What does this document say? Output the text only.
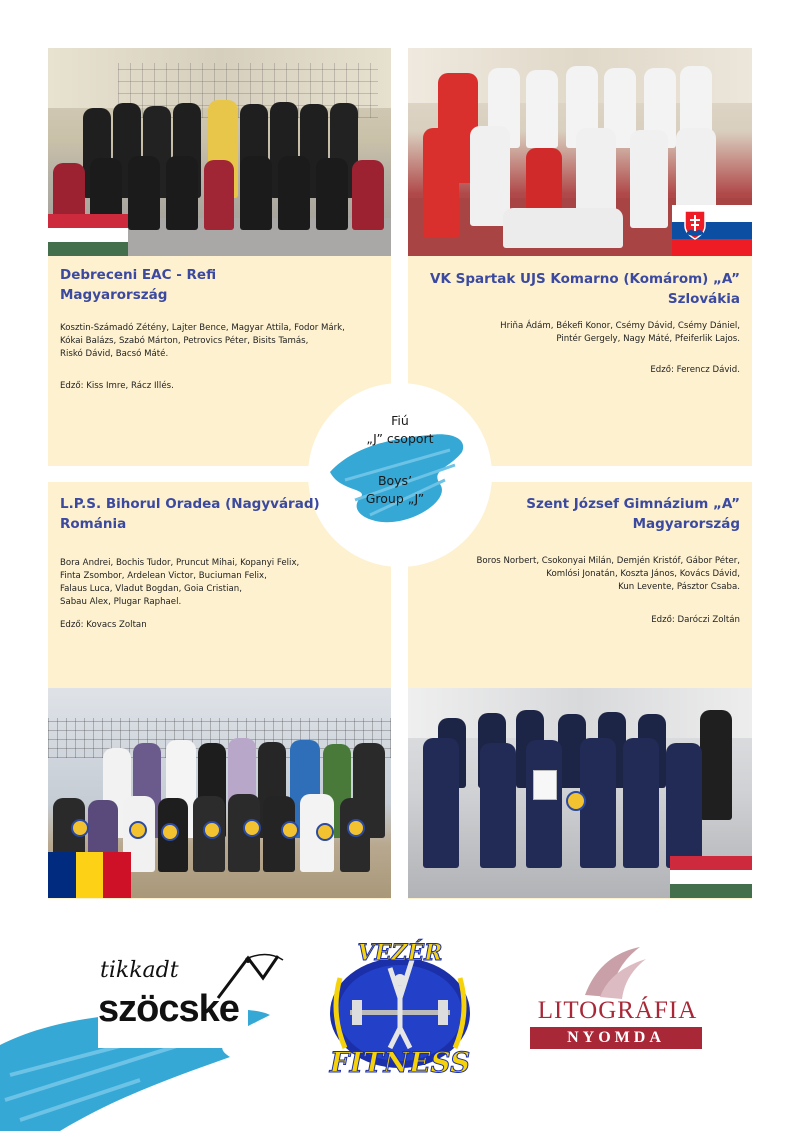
Fiú
„J” csoport
Boys’
Group „J”
Debreceni EAC - Refi
Magyarország
Kosztin-Számadó Zétény, Lajter Bence, Magyar Attila, Fodor Márk,
Kókai Balázs, Szabó Márton, Petrovics Péter, Bisits Tamás,
Riskó Dávid, Bacsó Máté.
Edző: Kiss Imre, Rácz Illés.
VK Spartak UJS Komarno (Komárom) „A”
Szlovákia
Hriňa Ádám, Békefi Konor, Csémy Dávid, Csémy Dániel,
Pintér Gergely, Nagy Máté, Pfeiferlik Lajos.
Edző: Ferencz Dávid.
L.P.S. Bihorul Oradea (Nagyvárad)
Románia
Bora Andrei, Bochis Tudor, Pruncut Mihai, Kopanyi Felix,
Finta Zsombor, Ardelean Victor, Buciuman Felix,
Falaus Luca, Vladut Bogdan, Goia Cristian,
Sabau Alex, Plugar Raphael.
Edző: Kovacs Zoltan
Szent József Gimnázium „A”
Magyarország
Boros Norbert, Csokonyai Milán, Demjén Kristóf, Gábor Péter,
Komlósi Jonatán, Koszta János, Kovács Dávid,
Kun Levente, Pásztor Csaba.
Edző: Daróczi Zoltán
tikkadt
szöcske
VEZÉR
FITNESS
LITOGRÁFIA
NYOMDA
